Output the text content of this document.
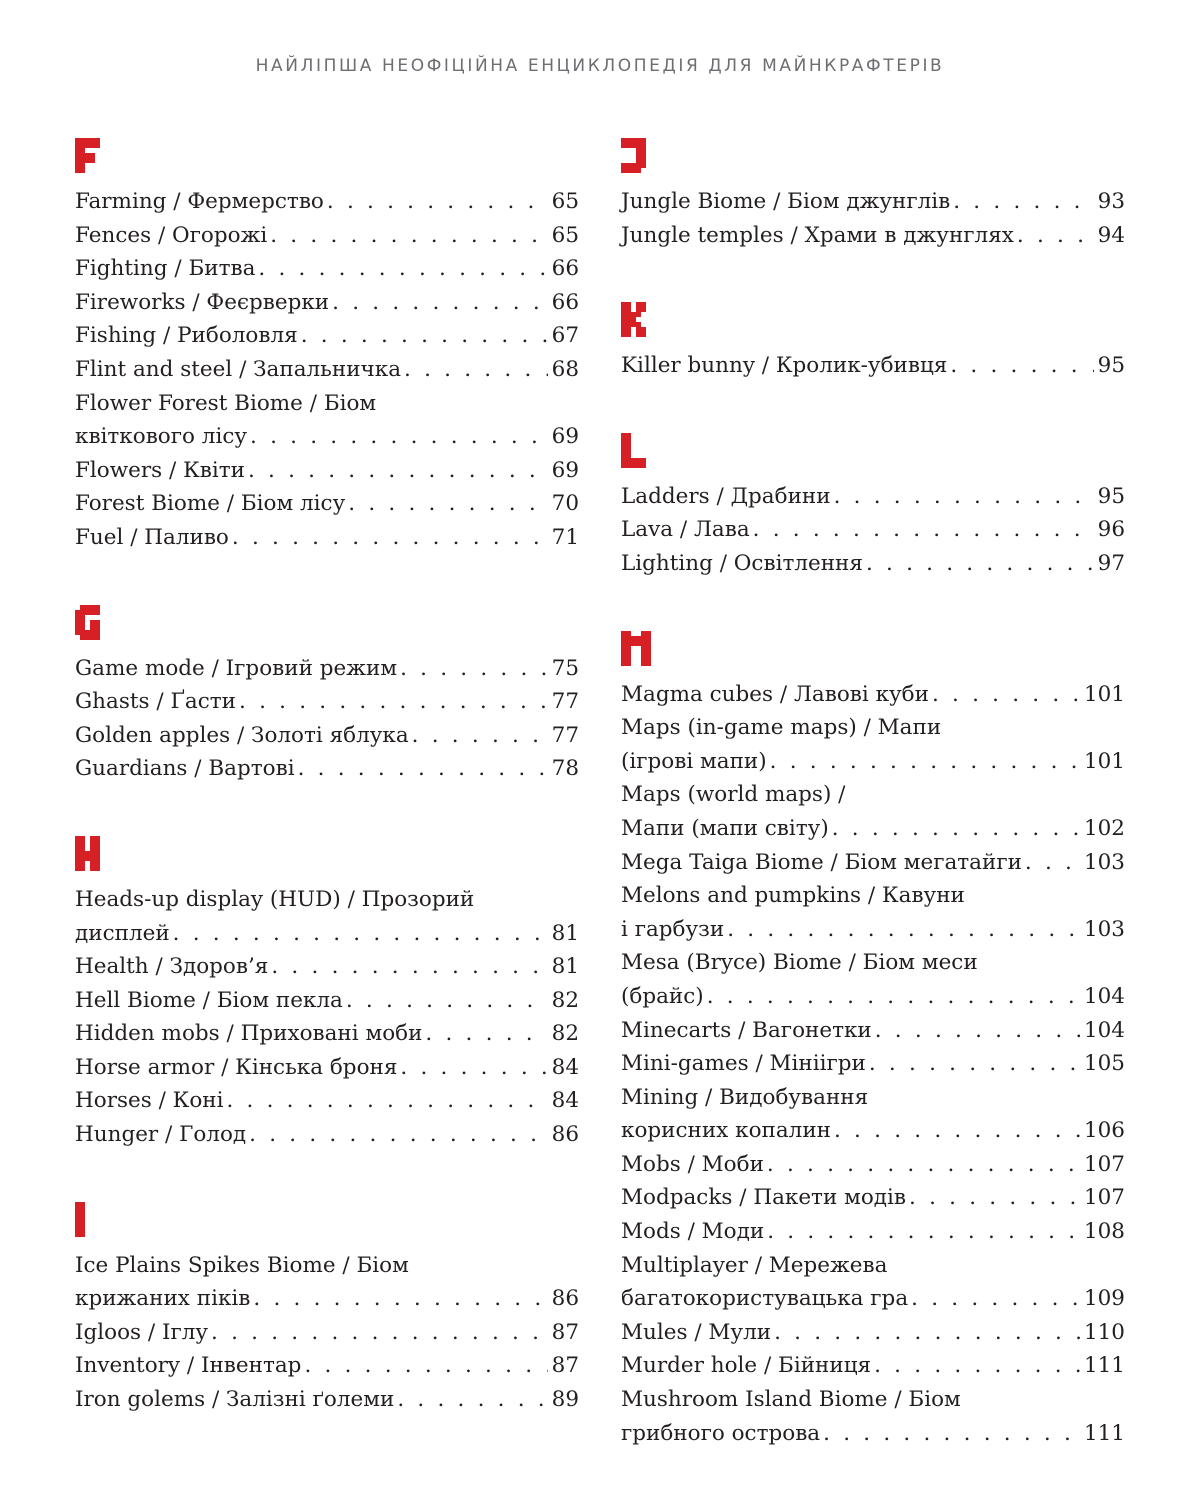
НАЙЛІПША НЕОФІЦІЙНА ЕНЦИКЛОПЕДІЯ ДЛЯ МАЙНКРАФТЕРІВ
Farming / Фермерство . . .	65
Fences / Огорожі . . .	65
Fighting / Битва . . .	66
Fireworks / Феєрверки . . .	66
Fishing / Риболовля . . .	67
Flint and steel / Запальничка . . .	68
Flower Forest Biome / Біом
квіткового лісу . . .	69
Flowers / Квіти . . .	69
Forest Biome / Біом лісу . . .	70
Fuel / Паливо . . .	71
Game mode / Ігровий режим . . .	75
Ghasts / Ґасти . . .	77
Golden apples / Золоті яблука . . .	77
Guardians / Вартові . . .	78
Heads-up display (HUD) / Прозорий
дисплей . . .	81
Health / Здоров’я . . .	81
Hell Biome / Біом пекла . . .	82
Hidden mobs / Приховані моби . . .	82
Horse armor / Кінська броня . . .	84
Horses / Коні . . .	84
Hunger / Голод . . .	86
Ice Plains Spikes Biome / Біом
крижаних піків . . .	86
Igloos / Іглу . . .	87
Inventory / Інвентар . . .	87
Iron golems / Залізні ґолеми . . .	89
Jungle Biome / Біом джунглів . . .	93
Jungle temples / Храми в джунглях . . .	94
Killer bunny / Кролик-убивця . . .	95
Ladders / Драбини . . .	95
Lava / Лава . . .	96
Lighting / Освітлення . . .	97
Magma cubes / Лавові куби . . .	101
Maps (in-game maps) / Мапи
(ігрові мапи) . . .	101
Maps (world maps) /
Мапи (мапи світу) . . .	102
Mega Taiga Biome / Біом мегатайги . . .	103
Melons and pumpkins / Кавуни
і гарбузи . . .	103
Mesa (Bryce) Biome / Біом меси
(брайс) . . .	104
Minecarts / Вагонетки . . .	104
Mini-games / Мініігри . . .	105
Mining / Видобування
корисних копалин . . .	106
Mobs / Моби . . .	107
Modpacks / Пакети модів . . .	107
Mods / Моди . . .	108
Multiplayer / Мережева
багатокористувацька гра . . .	109
Mules / Мули . . .	110
Murder hole / Бійниця . . .	111
Mushroom Island Biome / Біом
грибного острова . . .	111
